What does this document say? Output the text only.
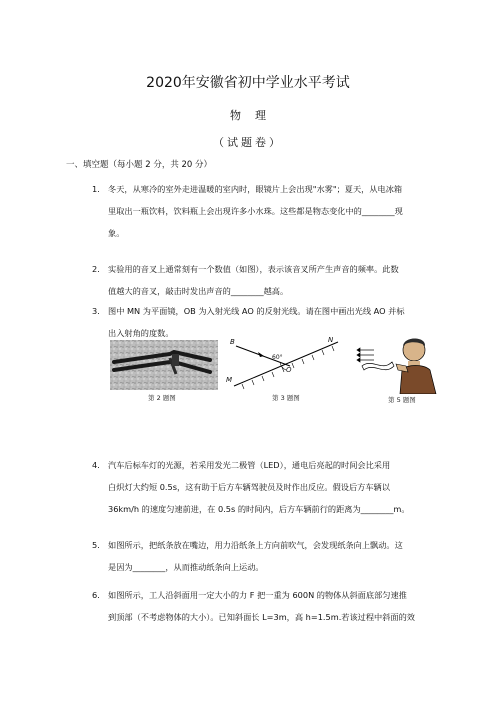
2020年安徽省初中学业水平考试
物理
（试题卷）
一、填空题（每小题 2 分，共 20 分）
1. 冬天，从寒冷的室外走进温暖的室内时，眼镜片上会出现"水雾"；夏天，从电冰箱
里取出一瓶饮料，饮料瓶上会出现许多小水珠。这些都是物态变化中的________现
象。
2. 实验用的音叉上通常刻有一个数值（如图），表示该音叉所产生声音的频率。此数
值越大的音叉，敲击时发出声音的________越高。
3. 图中 MN 为平面镜，OB 为入射光线 AO 的反射光线。请在图中画出光线 AO 并标
出入射角的度数。
第 2 题图
B	N
M
O
60°
第 3 题图	第 5 题图
4. 汽车后标车灯的光源，若采用发光二极管（LED），通电后亮起的时间会比采用
白炽灯大约短 0.5s，这有助于后方车辆驾驶员及时作出反应。假设后方车辆以
36km/h 的速度匀速前进，在 0.5s 的时间内，后方车辆前行的距离为________m。
5. 如图所示，把纸条放在嘴边，用力沿纸条上方向前吹气，会发现纸条向上飘动。这
是因为________，从而推动纸条向上运动。
6. 如图所示，工人沿斜面用一定大小的力 F 把一重为 600N 的物体从斜面底部匀速推
到顶部（不考虑物体的大小）。已知斜面长 L=3m，高 h=1.5m.若该过程中斜面的效
